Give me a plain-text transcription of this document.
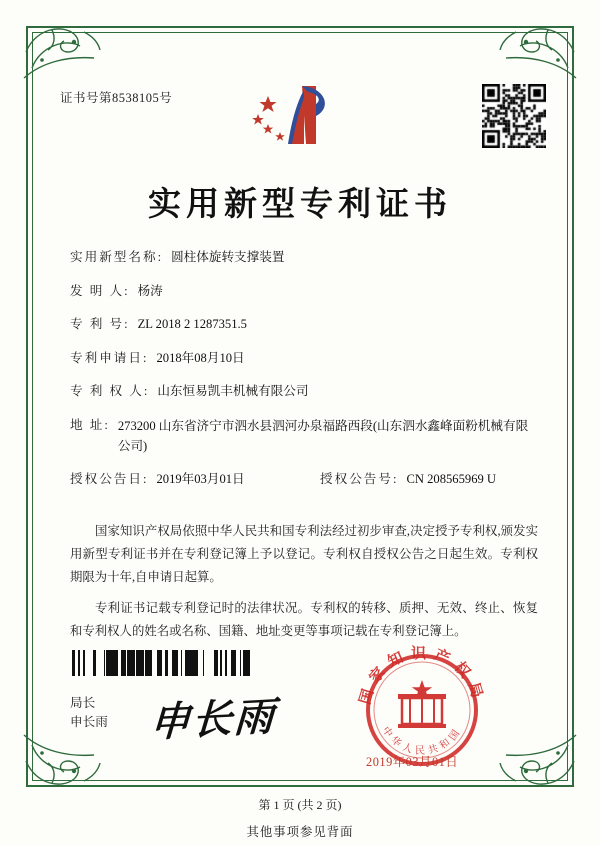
证书号第8538105号
实用新型专利证书
实用新型名称: 圆柱体旋转支撑装置
发 明 人: 杨涛
专 利 号: ZL 2018 2 1287351.5
专利申请日: 2018年08月10日
专 利 权 人: 山东恒易凯丰机械有限公司
地 址: 273200 山东省济宁市泗水县泗河办泉福路西段(山东泗水鑫峰面粉机械有限公司)
授权公告日: 2019年03月01日	授权公告号: CN 208565969 U

国家知识产权局依照中华人民共和国专利法经过初步审查,决定授予专利权,颁发实用新型专利证书并在专利登记簿上予以登记。专利权自授权公告之日起生效。专利权期限为十年,自申请日起算。

专利证书记载专利登记时的法律状况。专利权的转移、质押、无效、终止、恢复和专利权人的姓名或名称、国籍、地址变更等事项记载在专利登记簿上。

局长
申长雨 申长雨
国家知识产权局
中华人民共和国
2019年03月01日
第 1 页 (共 2 页)
其他事项参见背面
